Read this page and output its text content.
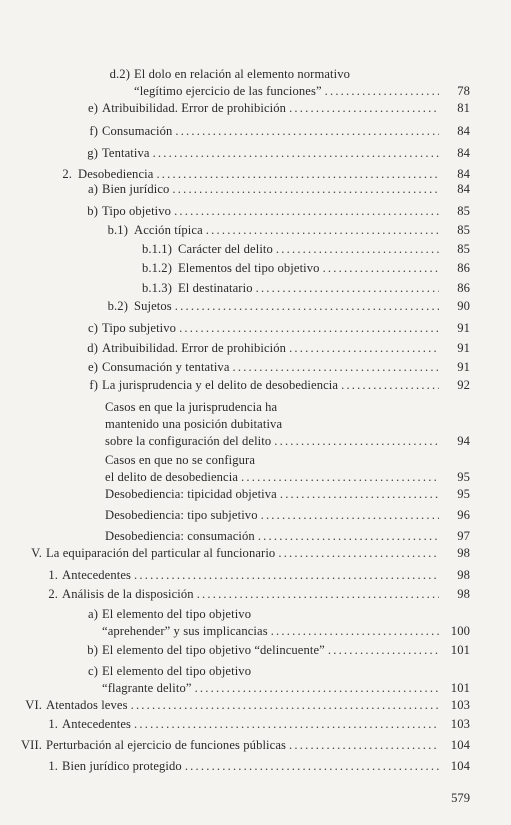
d.2) El dolo en relación al elemento normativo
“legítimo ejercicio de las funciones” .....	78
e) Atribuibilidad. Error de prohibición .....	81
f) Consumación .....	84
g) Tentativa .....	84
2. Desobediencia .....	84
a) Bien jurídico .....	84
b) Tipo objetivo .....	85
b.1) Acción típica .....	85
b.1.1) Carácter del delito .....	85
b.1.2) Elementos del tipo objetivo .....	86
b.1.3) El destinatario .....	86
b.2) Sujetos .....	90
c) Tipo subjetivo .....	91
d) Atribuibilidad. Error de prohibición .....	91
e) Consumación y tentativa .....	91
f) La jurisprudencia y el delito de desobediencia .....	92
Casos en que la jurisprudencia ha
mantenido una posición dubitativa
sobre la configuración del delito .....	94
Casos en que no se configura
el delito de desobediencia .....	95
Desobediencia: tipicidad objetiva .....	95
Desobediencia: tipo subjetivo .....	96
Desobediencia: consumación .....	97
V. La equiparación del particular al funcionario .....	98
1. Antecedentes .....	98
2. Análisis de la disposición .....	98
a) El elemento del tipo objetivo
“aprehender” y sus implicancias .....	100
b) El elemento del tipo objetivo “delincuente” .....	101
c) El elemento del tipo objetivo
“flagrante delito” .....	101
VI. Atentados leves .....	103
1. Antecedentes .....	103
VII. Perturbación al ejercicio de funciones públicas .....	104
1. Bien jurídico protegido .....	104
579
